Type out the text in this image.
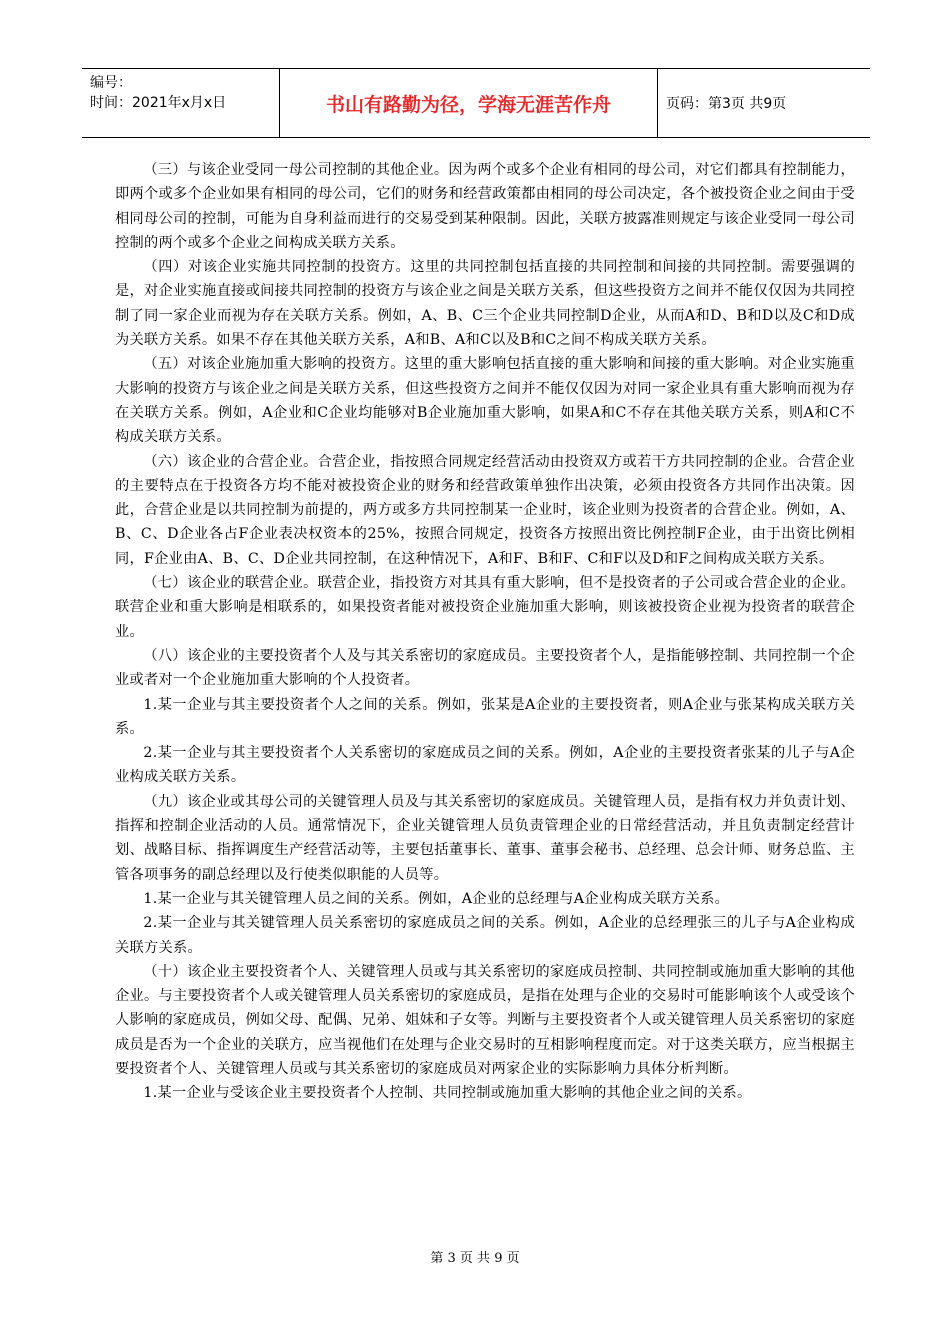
编号：
时间：2021年x月x日	书山有路勤为径，学海无涯苦作舟	页码：第3页 共9页

（三）与该企业受同一母公司控制的其他企业。因为两个或多个企业有相同的母公司，对它们都具有控制能力，即两个或多个企业如果有相同的母公司，它们的财务和经营政策都由相同的母公司决定，各个被投资企业之间由于受相同母公司的控制，可能为自身利益而进行的交易受到某种限制。因此，关联方披露准则规定与该企业受同一母公司控制的两个或多个企业之间构成关联方关系。

（四）对该企业实施共同控制的投资方。这里的共同控制包括直接的共同控制和间接的共同控制。需要强调的是，对企业实施直接或间接共同控制的投资方与该企业之间是关联方关系，但这些投资方之间并不能仅仅因为共同控制了同一家企业而视为存在关联方关系。例如，A、B、C三个企业共同控制D企业，从而A和D、B和D以及C和D成为关联方关系。如果不存在其他关联方关系，A和B、A和C以及B和C之间不构成关联方关系。

（五）对该企业施加重大影响的投资方。这里的重大影响包括直接的重大影响和间接的重大影响。对企业实施重大影响的投资方与该企业之间是关联方关系，但这些投资方之间并不能仅仅因为对同一家企业具有重大影响而视为存在关联方关系。例如，A企业和C企业均能够对B企业施加重大影响，如果A和C不存在其他关联方关系，则A和C不构成关联方关系。

（六）该企业的合营企业。合营企业，指按照合同规定经营活动由投资双方或若干方共同控制的企业。合营企业的主要特点在于投资各方均不能对被投资企业的财务和经营政策单独作出决策，必须由投资各方共同作出决策。因此，合营企业是以共同控制为前提的，两方或多方共同控制某一企业时，该企业则为投资者的合营企业。例如，A、B、C、D企业各占F企业表决权资本的25%，按照合同规定，投资各方按照出资比例控制F企业，由于出资比例相同，F企业由A、B、C、D企业共同控制，在这种情况下，A和F、B和F、C和F以及D和F之间构成关联方关系。

（七）该企业的联营企业。联营企业，指投资方对其具有重大影响，但不是投资者的子公司或合营企业的企业。联营企业和重大影响是相联系的，如果投资者能对被投资企业施加重大影响，则该被投资企业视为投资者的联营企业。

（八）该企业的主要投资者个人及与其关系密切的家庭成员。主要投资者个人，是指能够控制、共同控制一个企业或者对一个企业施加重大影响的个人投资者。

1.某一企业与其主要投资者个人之间的关系。例如，张某是A企业的主要投资者，则A企业与张某构成关联方关系。

2.某一企业与其主要投资者个人关系密切的家庭成员之间的关系。例如，A企业的主要投资者张某的儿子与A企业构成关联方关系。

（九）该企业或其母公司的关键管理人员及与其关系密切的家庭成员。关键管理人员，是指有权力并负责计划、指挥和控制企业活动的人员。通常情况下，企业关键管理人员负责管理企业的日常经营活动，并且负责制定经营计划、战略目标、指挥调度生产经营活动等，主要包括董事长、董事、董事会秘书、总经理、总会计师、财务总监、主管各项事务的副总经理以及行使类似职能的人员等。

1.某一企业与其关键管理人员之间的关系。例如，A企业的总经理与A企业构成关联方关系。

2.某一企业与其关键管理人员关系密切的家庭成员之间的关系。例如，A企业的总经理张三的儿子与A企业构成关联方关系。

（十）该企业主要投资者个人、关键管理人员或与其关系密切的家庭成员控制、共同控制或施加重大影响的其他企业。与主要投资者个人或关键管理人员关系密切的家庭成员，是指在处理与企业的交易时可能影响该个人或受该个人影响的家庭成员，例如父母、配偶、兄弟、姐妹和子女等。判断与主要投资者个人或关键管理人员关系密切的家庭成员是否为一个企业的关联方，应当视他们在处理与企业交易时的互相影响程度而定。对于这类关联方，应当根据主要投资者个人、关键管理人员或与其关系密切的家庭成员对两家企业的实际影响力具体分析判断。

1.某一企业与受该企业主要投资者个人控制、共同控制或施加重大影响的其他企业之间的关系。

第 3 页 共 9 页
